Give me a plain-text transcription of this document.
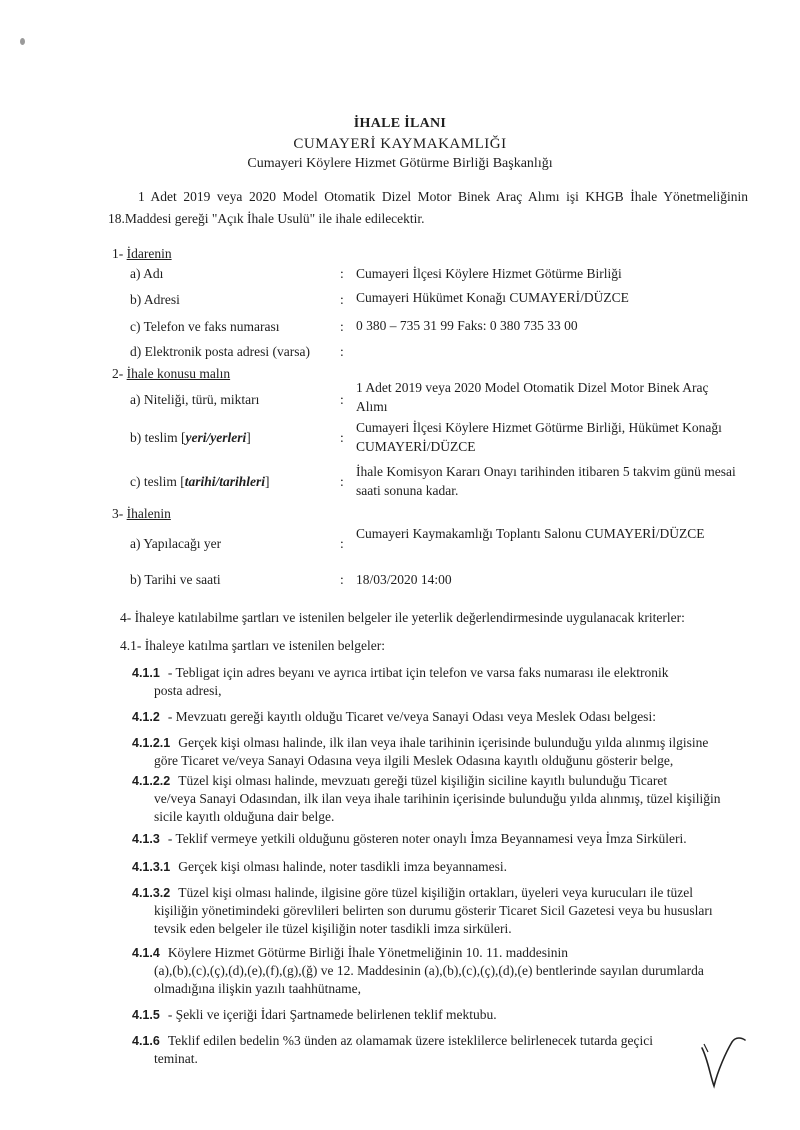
İHALE İLANI
CUMAYERİ KAYMAKAMLIĞI
Cumayeri Köylere Hizmet Götürme Birliği Başkanlığı
1 Adet 2019 veya 2020 Model Otomatik Dizel Motor Binek Araç Alımı işi KHGB İhale Yönetmeliğinin 18.Maddesi gereği "Açık İhale Usulü" ile ihale edilecektir.
1- İdarenin
a) Adı	: Cumayeri İlçesi Köylere Hizmet Götürme Birliği
b) Adresi	: Cumayeri Hükümet Konağı CUMAYERİ/DÜZCE
c) Telefon ve faks numarası	: 0 380 – 735 31 99 Faks: 0 380 735 33 00
d) Elektronik posta adresi (varsa) :
2- İhale konusu malın
a) Niteliği, türü, miktarı	:
1 Adet 2019 veya 2020 Model Otomatik Dizel Motor Binek Araç Alımı
b) teslim [yeri/yerleri]	:
Cumayeri İlçesi Köylere Hizmet Götürme Birliği, Hükümet Konağı CUMAYERİ/DÜZCE
c) teslim [tarihi/tarihleri]	:
İhale Komisyon Kararı Onayı tarihinden itibaren 5 takvim günü mesai saati sonuna kadar.
3- İhalenin
a) Yapılacağı yer	:
Cumayeri Kaymakamlığı Toplantı Salonu CUMAYERİ/DÜZCE
b) Tarihi ve saati	: 18/03/2020 14:00
4- İhaleye katılabilme şartları ve istenilen belgeler ile yeterlik değerlendirmesinde uygulanacak kriterler:
4.1- İhaleye katılma şartları ve istenilen belgeler:
4.1.1 - Tebligat için adres beyanı ve ayrıca irtibat için telefon ve varsa faks numarası ile elektronik
posta adresi,
4.1.2 - Mevzuatı gereği kayıtlı olduğu Ticaret ve/veya Sanayi Odası veya Meslek Odası belgesi:
4.1.2.1 Gerçek kişi olması halinde, ilk ilan veya ihale tarihinin içerisinde bulunduğu yılda alınmış ilgisine
göre Ticaret ve/veya Sanayi Odasına veya ilgili Meslek Odasına kayıtlı olduğunu gösterir belge,
4.1.2.2 Tüzel kişi olması halinde, mevzuatı gereği tüzel kişiliğin siciline kayıtlı bulunduğu Ticaret
ve/veya Sanayi Odasından, ilk ilan veya ihale tarihinin içerisinde bulunduğu yılda alınmış, tüzel kişiliğin sicile kayıtlı olduğuna dair belge.
4.1.3 - Teklif vermeye yetkili olduğunu gösteren noter onaylı İmza Beyannamesi veya İmza Sirküleri.
4.1.3.1 Gerçek kişi olması halinde, noter tasdikli imza beyannamesi.
4.1.3.2 Tüzel kişi olması halinde, ilgisine göre tüzel kişiliğin ortakları, üyeleri veya kurucuları ile tüzel
kişiliğin yönetimindeki görevlileri belirten son durumu gösterir Ticaret Sicil Gazetesi veya bu hususları tevsik eden belgeler ile tüzel kişiliğin noter tasdikli imza sirküleri.
4.1.4 Köylere Hizmet Götürme Birliği İhale Yönetmeliğinin 10. 11. maddesinin
(a),(b),(c),(ç),(d),(e),(f),(g),(ğ) ve 12. Maddesinin (a),(b),(c),(ç),(d),(e) bentlerinde sayılan durumlarda olmadığına ilişkin yazılı taahhütname,
4.1.5 - Şekli ve içeriği İdari Şartnamede belirlenen teklif mektubu.
4.1.6 Teklif edilen bedelin %3 ünden az olamamak üzere isteklilerce belirlenecek tutarda geçici
teminat.
